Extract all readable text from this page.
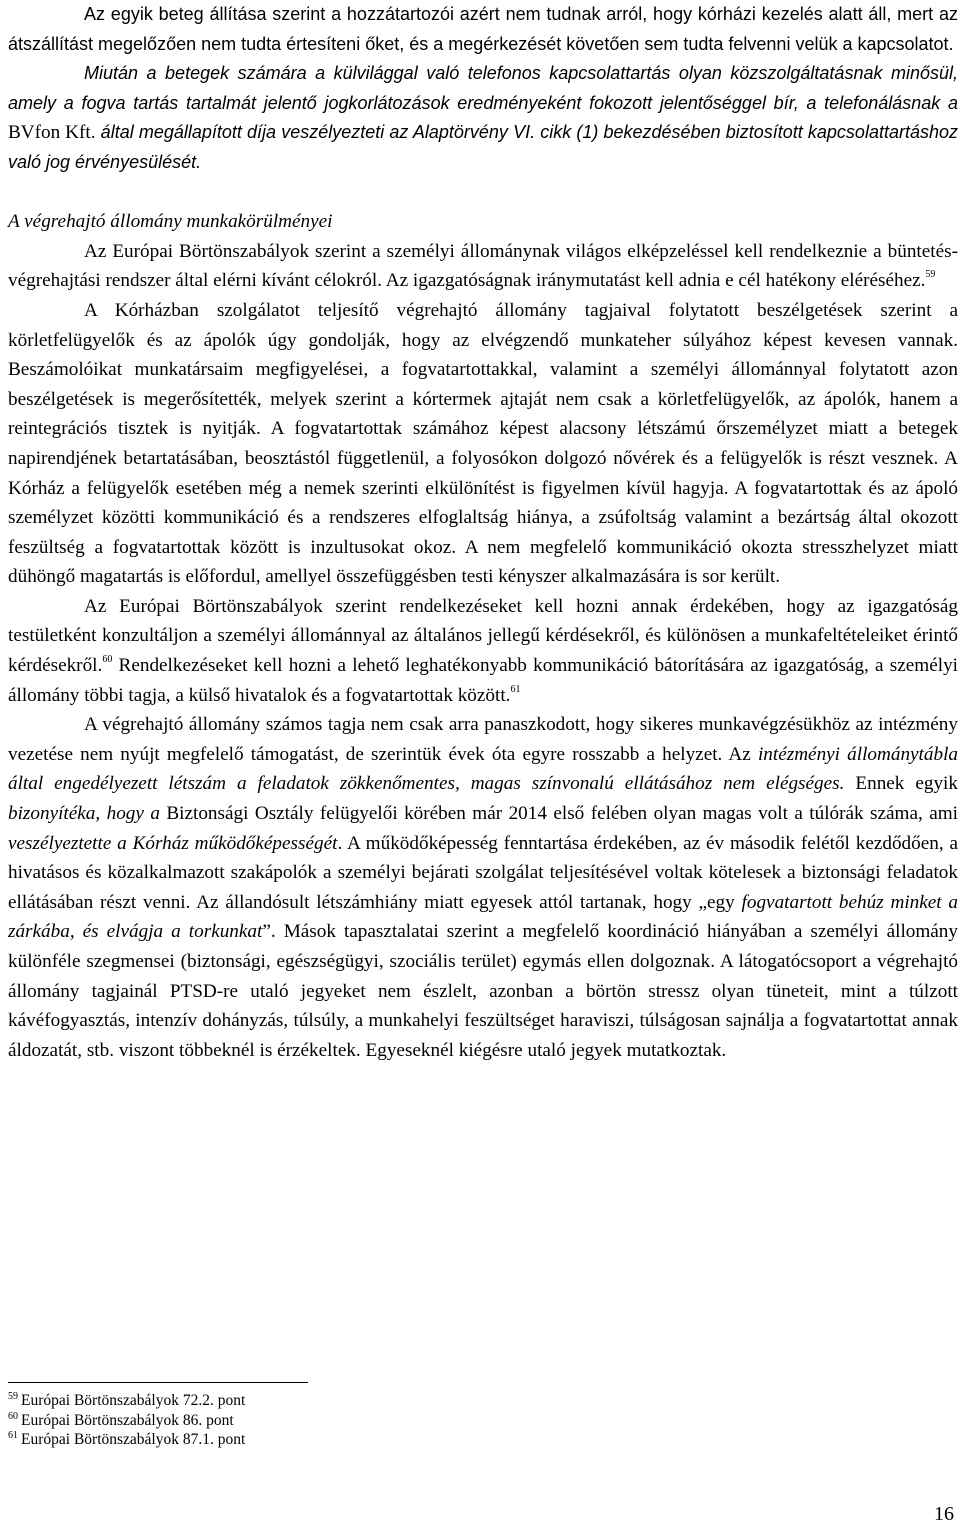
Az egyik beteg állítása szerint a hozzátartozói azért nem tudnak arról, hogy kórházi kezelés alatt áll, mert az átszállítást megelőzően nem tudta értesíteni őket, és a megérkezését követően sem tudta felvenni velük a kapcsolatot.

Miután a betegek számára a külvilággal való telefonos kapcsolattartás olyan közszolgáltatásnak minősül, amely a fogva tartás tartalmát jelentő jogkorlátozások eredményeként fokozott jelentőséggel bír, a telefonálásnak a BVfon Kft. által megállapított díja veszélyezteti az Alaptörvény VI. cikk (1) bekezdésében biztosított kapcsolattartáshoz való jog érvényesülését.

A végrehajtó állomány munkakörülményei

Az Európai Börtönszabályok szerint a személyi állománynak világos elképzeléssel kell rendelkeznie a büntetés-végrehajtási rendszer által elérni kívánt célokról. Az igazgatóságnak iránymutatást kell adnia e cél hatékony eléréséhez.$^{59}$

A Kórházban szolgálatot teljesítő végrehajtó állomány tagjaival folytatott beszélgetések szerint a körletfelügyelők és az ápolók úgy gondolják, hogy az elvégzendő munkateher súlyához képest kevesen vannak. Beszámolóikat munkatársaim megfigyelései, a fogvatartottakkal, valamint a személyi állománnyal folytatott azon beszélgetések is megerősítették, melyek szerint a kórtermek ajtaját nem csak a körletfelügyelők, az ápolók, hanem a reintegrációs tisztek is nyitják. A fogvatartottak számához képest alacsony létszámú őrszemélyzet miatt a betegek napirendjének betartatásában, beosztástól függetlenül, a folyosókon dolgozó nővérek és a felügyelők is részt vesznek. A Kórház a felügyelők esetében még a nemek szerinti elkülönítést is figyelmen kívül hagyja. A fogvatartottak és az ápoló személyzet közötti kommunikáció és a rendszeres elfoglaltság hiánya, a zsúfoltság valamint a bezártság által okozott feszültség a fogvatartottak között is inzultusokat okoz. A nem megfelelő kommunikáció okozta stresszhelyzet miatt dühöngő magatartás is előfordul, amellyel összefüggésben testi kényszer alkalmazására is sor került.

Az Európai Börtönszabályok szerint rendelkezéseket kell hozni annak érdekében, hogy az igazgatóság testületként konzultáljon a személyi állománnyal az általános jellegű kérdésekről, és különösen a munkafeltételeiket érintő kérdésekről.$^{60}$ Rendelkezéseket kell hozni a lehető leghatékonyabb kommunikáció bátorítására az igazgatóság, a személyi állomány többi tagja, a külső hivatalok és a fogvatartottak között.$^{61}$

A végrehajtó állomány számos tagja nem csak arra panaszkodott, hogy sikeres munkavégzésükhöz az intézmény vezetése nem nyújt megfelelő támogatást, de szerintük évek óta egyre rosszabb a helyzet. Az intézményi állománytábla által engedélyezett létszám a feladatok zökkenőmentes, magas színvonalú ellátásához nem elégséges. Ennek egyik bizonyítéka, hogy a Biztonsági Osztály felügyelői körében már 2014 első felében olyan magas volt a túlórák száma, ami veszélyeztette a Kórház működőképességét. A működőképesség fenntartása érdekében, az év második felétől kezdődően, a hivatásos és közalkalmazott szakápolók a személyi bejárati szolgálat teljesítésével voltak kötelesek a biztonsági feladatok ellátásában részt venni. Az állandósult létszámhiány miatt egyesek attól tartanak, hogy „egy fogvatartott behúz minket a zárkába, és elvágja a torkunkat”. Mások tapasztalatai szerint a megfelelő koordináció hiányában a személyi állomány különféle szegmensei (biztonsági, egészségügyi, szociális terület) egymás ellen dolgoznak. A látogatócsoport a végrehajtó állomány tagjainál PTSD-re utaló jegyeket nem észlelt, azonban a börtön stressz olyan tüneteit, mint a túlzott kávéfogyasztás, intenzív dohányzás, túlsúly, a munkahelyi feszültséget haraviszi, túlságosan sajnálja a fogvatartottat annak áldozatát, stb. viszont többeknél is érzékeltek. Egyeseknél kiégésre utaló jegyek mutatkoztak.

$^{59}$ Európai Börtönszabályok 72.2. pont
$^{60}$ Európai Börtönszabályok 86. pont
$^{61}$ Európai Börtönszabályok 87.1. pont
16
